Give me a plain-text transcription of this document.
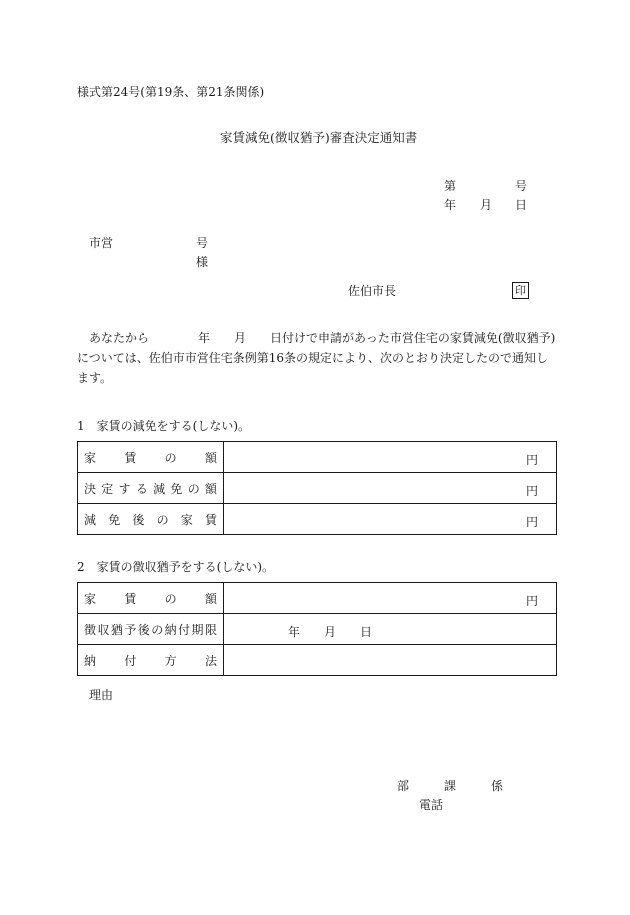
様式第24号(第19条、第21条関係)
家賃減免(徴収猶予)審査決定通知書
第	号
年 月 日
市営	号
様
佐伯市長	印
あなたから	年 月 日付けで申請があった市営住宅の家賃減免(徴収猶予)については、佐伯市市営住宅条例第16条の規定により、次のとおり決定したので通知します。
1　家賃の減免をする(しない)。
家賃の額	円

決定する減免の額	円

減免後の家賃	円
2　家賃の徴収猶予をする(しない)。
家賃の額	円

徴収猶予後の納付期限	年 月 日

納付方法	

理由
部	課	係
電話
